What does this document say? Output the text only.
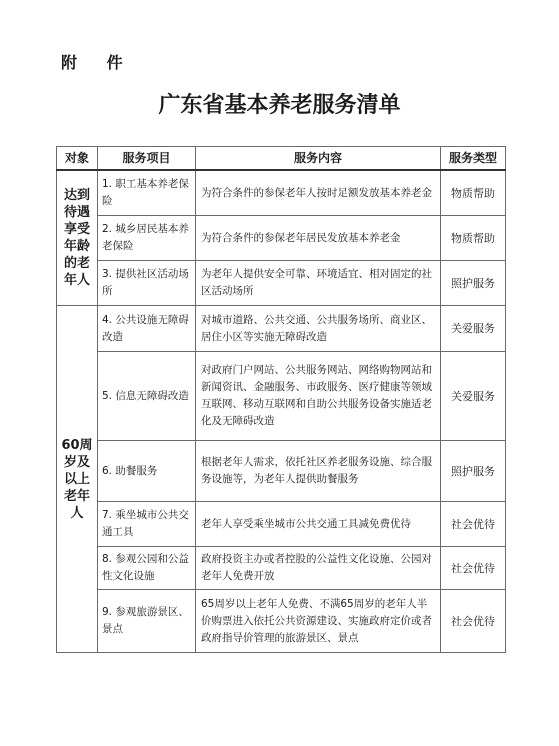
附 件
广东省基本养老服务清单
对象	服务项目	服务内容	服务类型
达到待遇享受年龄的老年人	1. 职工基本养老保险	为符合条件的参保老年人按时足额发放基本养老金	物质帮助
	2. 城乡居民基本养老保险	为符合条件的参保老年居民发放基本养老金	物质帮助
	3. 提供社区活动场所	为老年人提供安全可靠、环境适宜、相对固定的社区活动场所	照护服务
60周岁及以上老年人	4. 公共设施无障碍改造	对城市道路、公共交通、公共服务场所、商业区、居住小区等实施无障碍改造	关爱服务
	5. 信息无障碍改造	对政府门户网站、公共服务网站、网络购物网站和新闻资讯、金融服务、市政服务、医疗健康等领域互联网、移动互联网和自助公共服务设备实施适老化及无障碍改造	关爱服务
	6. 助餐服务	根据老年人需求，依托社区养老服务设施、综合服务设施等，为老年人提供助餐服务	照护服务
	7. 乘坐城市公共交通工具	老年人享受乘坐城市公共交通工具减免费优待	社会优待
	8. 参观公园和公益性文化设施	政府投资主办或者控股的公益性文化设施、公园对老年人免费开放	社会优待
	9. 参观旅游景区、景点	65周岁以上老年人免费、不满65周岁的老年人半价购票进入依托公共资源建设、实施政府定价或者政府指导价管理的旅游景区、景点	社会优待
